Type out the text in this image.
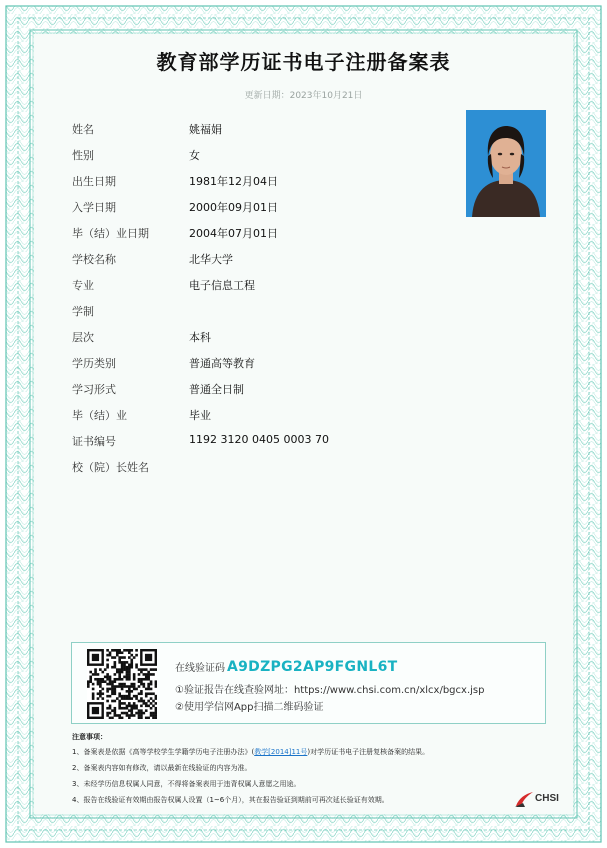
教育部学历证书电子注册备案表
更新日期：2023年10月21日
姓名	姚福娟
性别	女
出生日期	1981年12月04日
入学日期	2000年09月01日
毕（结）业日期	2004年07月01日
学校名称	北华大学
专业	电子信息工程
学制
层次	本科
学历类别	普通高等教育
学习形式	普通全日制
毕（结）业	毕业
证书编号	1192 3120 0405 0003 70
校（院）长姓名
在线验证码 A9DZPG2AP9FGNL6T
①验证报告在线查验网址：https://www.chsi.com.cn/xlcx/bgcx.jsp
②使用学信网App扫描二维码验证
注意事项：
1、备案表是依据《高等学校学生学籍学历电子注册办法》(教学[2014]11号)对学历证书电子注册复核备案的结果。
2、备案表内容如有修改，请以最新在线验证的内容为准。
3、未经学历信息权属人同意，不得将备案表用于违背权属人意愿之用途。
4、报告在线验证有效期由报告权属人设置（1~6个月），其在报告验证到期前可再次延长验证有效期。	CHSI
